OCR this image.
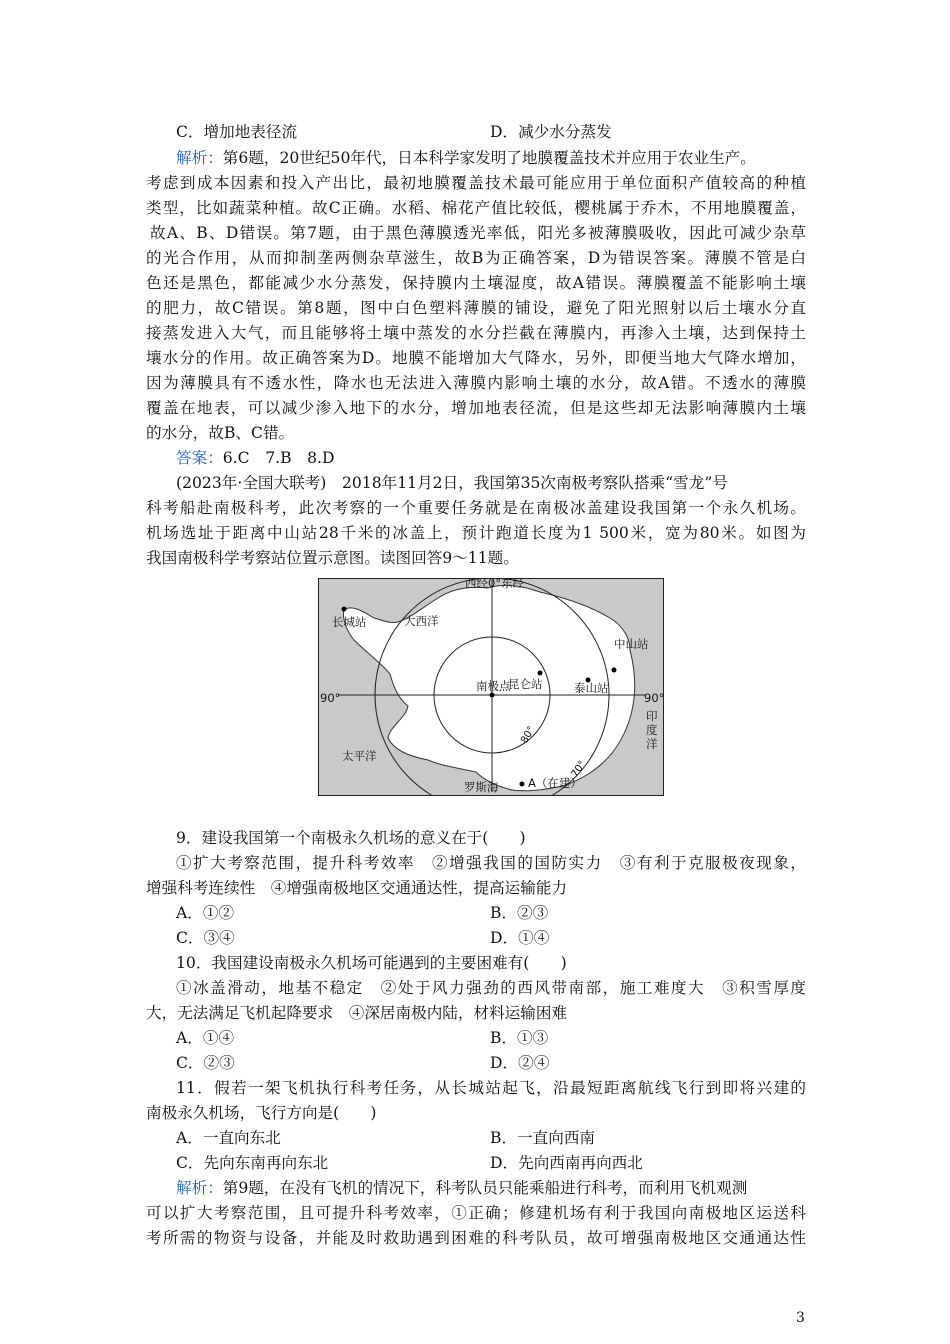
C．增加地表径流	D．减少水分蒸发
解析：第6题，20世纪50年代，日本科学家发明了地膜覆盖技术并应用于农业生产。
考虑到成本因素和投入产出比，最初地膜覆盖技术最可能应用于单位面积产值较高的种植
类型，比如蔬菜种植。故C正确。水稻、棉花产值比较低，樱桃属于乔木，不用地膜覆盖，
故A、B、D错误。第7题，由于黑色薄膜透光率低，阳光多被薄膜吸收，因此可减少杂草
的光合作用，从而抑制垄两侧杂草滋生，故B为正确答案，D为错误答案。薄膜不管是白
色还是黑色，都能减少水分蒸发，保持膜内土壤湿度，故A错误。薄膜覆盖不能影响土壤
的肥力，故C错误。第8题，图中白色塑料薄膜的铺设，避免了阳光照射以后土壤水分直
接蒸发进入大气，而且能够将土壤中蒸发的水分拦截在薄膜内，再渗入土壤，达到保持土
壤水分的作用。故正确答案为D。地膜不能增加大气降水，另外，即便当地大气降水增加，
因为薄膜具有不透水性，降水也无法进入薄膜内影响土壤的水分，故A错。不透水的薄膜
覆盖在地表，可以减少渗入地下的水分，增加地表径流，但是这些却无法影响薄膜内土壤
的水分，故B、C错。
答案：6.C　7.B　8.D
(2023年·全国大联考)　2018年11月2日，我国第35次南极考察队搭乘“雪龙”号
科考船赴南极科考，此次考察的一个重要任务就是在南极冰盖建设我国第一个永久机场。
机场选址于距离中山站28千米的冰盖上，预计跑道长度为1 500米，宽为80米。如图为
我国南极科学考察站位置示意图。读图回答9～11题。
西经0°东经
大西洋
长城站
中山站
昆仑站
南极点	泰山站
90°	90°
印
度
洋
太平洋
A（在建）
罗斯海
80°
70°
9．建设我国第一个南极永久机场的意义在于(　　)
①扩大考察范围，提升科考效率　②增强我国的国防实力　③有利于克服极夜现象，
增强科考连续性　④增强南极地区交通通达性，提高运输能力
A．①②	B．②③
C．③④	D．①④
10．我国建设南极永久机场可能遇到的主要困难有(　　)
①冰盖滑动，地基不稳定　②处于风力强劲的西风带南部，施工难度大　③积雪厚度
大，无法满足飞机起降要求　④深居南极内陆，材料运输困难
A．①④	B．①③
C．②③	D．②④
11．假若一架飞机执行科考任务，从长城站起飞，沿最短距离航线飞行到即将兴建的
南极永久机场，飞行方向是(　　)
A．一直向东北	B．一直向西南
C．先向东南再向东北	D．先向西南再向西北
解析：第9题，在没有飞机的情况下，科考队员只能乘船进行科考，而利用飞机观测
可以扩大考察范围，且可提升科考效率，①正确；修建机场有利于我国向南极地区运送科
考所需的物资与设备，并能及时救助遇到困难的科考队员，故可增强南极地区交通通达性
3
